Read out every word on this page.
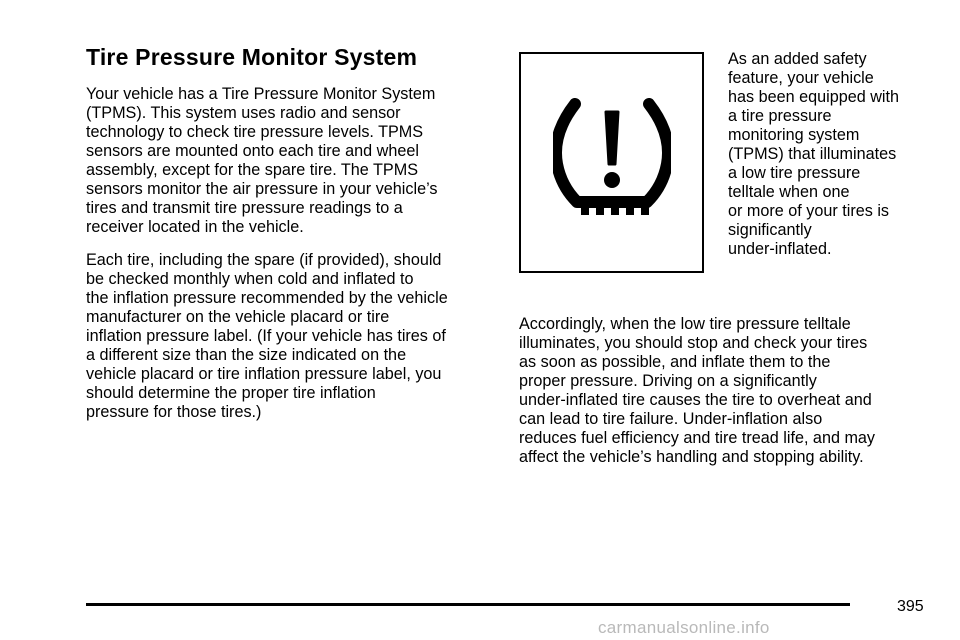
Tire Pressure Monitor System

Your vehicle has a Tire Pressure Monitor System
(TPMS). This system uses radio and sensor
technology to check tire pressure levels. TPMS
sensors are mounted onto each tire and wheel
assembly, except for the spare tire. The TPMS
sensors monitor the air pressure in your vehicle’s
tires and transmit tire pressure readings to a
receiver located in the vehicle.

Each tire, including the spare (if provided), should
be checked monthly when cold and inflated to
the inflation pressure recommended by the vehicle
manufacturer on the vehicle placard or tire
inflation pressure label. (If your vehicle has tires of
a different size than the size indicated on the
vehicle placard or tire inflation pressure label, you
should determine the proper tire inflation
pressure for those tires.)

As an added safety
feature, your vehicle
has been equipped with
a tire pressure
monitoring system
(TPMS) that illuminates
a low tire pressure
telltale when one
or more of your tires is
significantly
under-inflated.

Accordingly, when the low tire pressure telltale
illuminates, you should stop and check your tires
as soon as possible, and inflate them to the
proper pressure. Driving on a significantly
under-inflated tire causes the tire to overheat and
can lead to tire failure. Under-inflation also
reduces fuel efficiency and tire tread life, and may
affect the vehicle’s handling and stopping ability.

395
carmanualsonline.info
